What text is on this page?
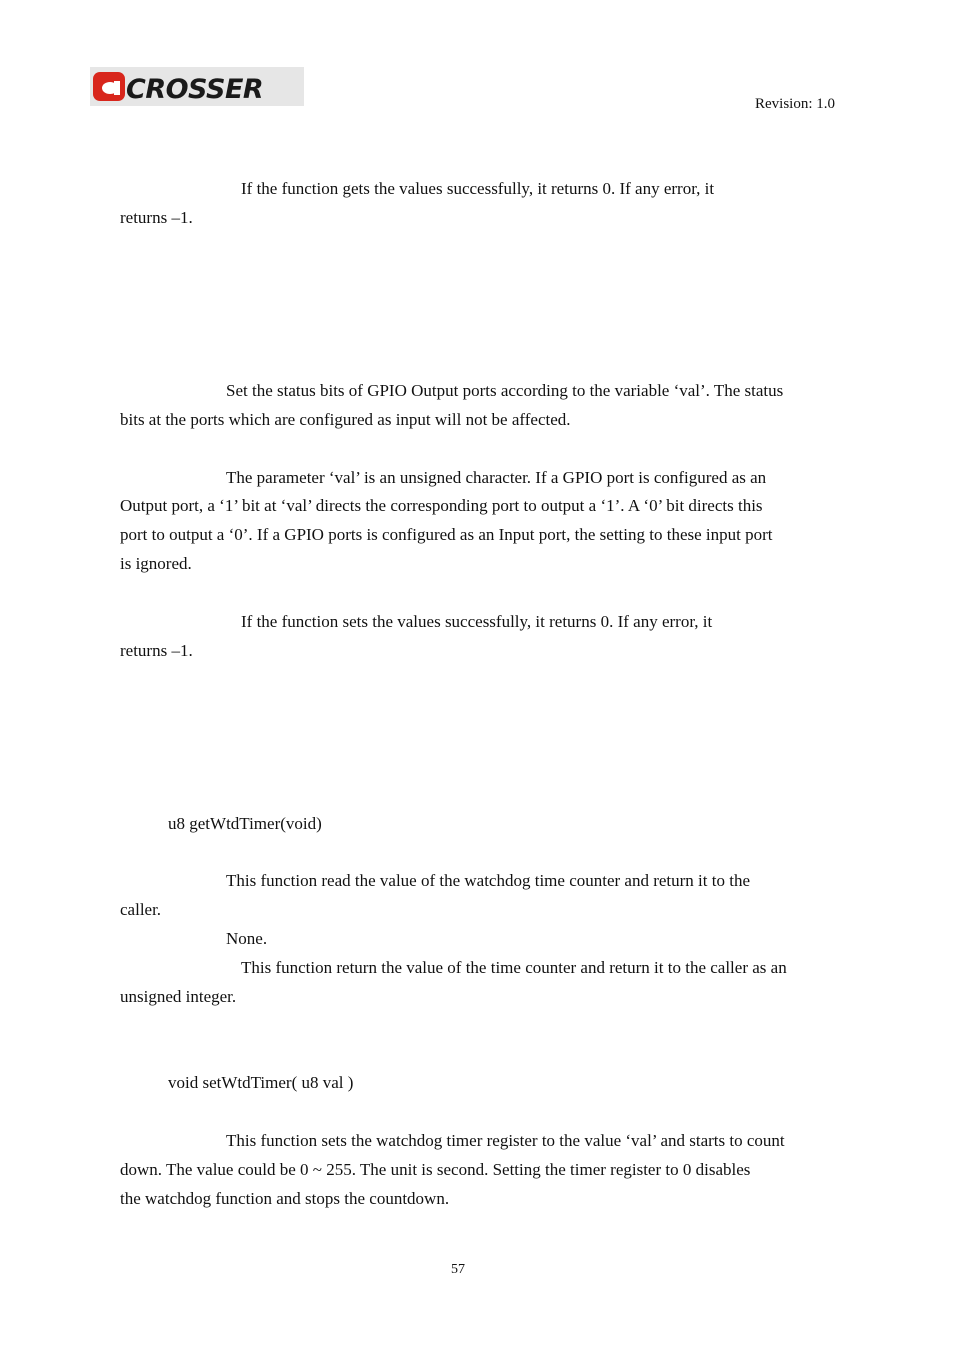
CROSSER	Revision: 1.0
If the function gets the values successfully, it returns 0. If any error, it
returns –1.
Set the status bits of GPIO Output ports according to the variable ‘val’. The status
bits at the ports which are configured as input will not be affected.
The parameter ‘val’ is an unsigned character. If a GPIO port is configured as an
Output port, a ‘1’ bit at ‘val’ directs the corresponding port to output a ‘1’. A ‘0’ bit directs this
port to output a ‘0’. If a GPIO ports is configured as an Input port, the setting to these input port
is ignored.
If the function sets the values successfully, it returns 0. If any error, it
returns –1.
u8 getWtdTimer(void)
This function read the value of the watchdog time counter and return it to the
caller.
None.
This function return the value of the time counter and return it to the caller as an
unsigned integer.
void setWtdTimer( u8 val )
This function sets the watchdog timer register to the value ‘val’ and starts to count
down. The value could be 0 ~ 255. The unit is second. Setting the timer register to 0 disables
the watchdog function and stops the countdown.
57
